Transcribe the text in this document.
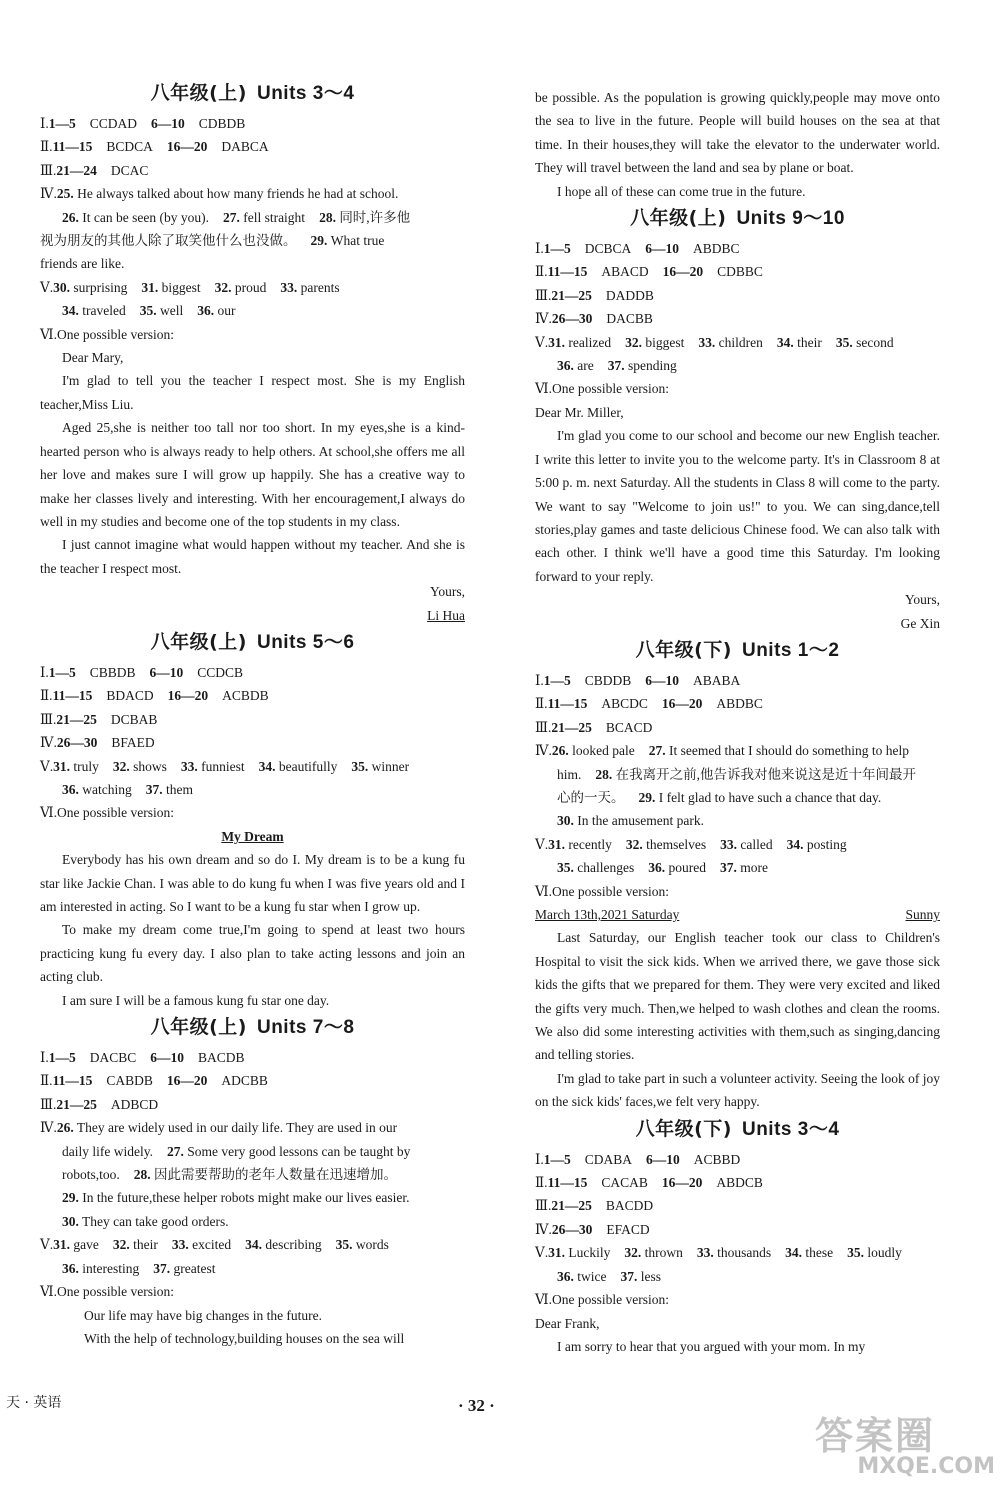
八年级(上) Units 3～4
Ⅰ.1—5 CCDAD 6—10 CDBDB
Ⅱ.11—15 BCDCA 16—20 DABCA
Ⅲ.21—24 DCAC
Ⅳ.25. He always talked about how many friends he had at school.
26. It can be seen (by you). 27. fell straight 28. 同时,许多他
视为朋友的其他人除了取笑他什么也没做。 29. What true
friends are like.
Ⅴ.30. surprising 31. biggest 32. proud 33. parents
34. traveled 35. well 36. our
Ⅵ.One possible version:
Dear Mary,
I'm glad to tell you the teacher I respect most. She is my English teacher,Miss Liu.
Aged 25,she is neither too tall nor too short. In my eyes,she is a kind-hearted person who is always ready to help others. At school,she offers me all her love and makes sure I will grow up happily. She has a creative way to make her classes lively and interesting. With her encouragement,I always do well in my studies and become one of the top students in my class.
I just cannot imagine what would happen without my teacher. And she is the teacher I respect most.
Yours,
Li Hua
八年级(上) Units 5～6
Ⅰ.1—5 CBBDB 6—10 CCDCB
Ⅱ.11—15 BDACD 16—20 ACBDB
Ⅲ.21—25 DCBAB
Ⅳ.26—30 BFAED
Ⅴ.31. truly 32. shows 33. funniest 34. beautifully 35. winner
36. watching 37. them
Ⅵ.One possible version:
My Dream
Everybody has his own dream and so do I. My dream is to be a kung fu star like Jackie Chan. I was able to do kung fu when I was five years old and I am interested in acting. So I want to be a kung fu star when I grow up.
To make my dream come true,I'm going to spend at least two hours practicing kung fu every day. I also plan to take acting lessons and join an acting club.
I am sure I will be a famous kung fu star one day.
八年级(上) Units 7～8
Ⅰ.1—5 DACBC 6—10 BACDB
Ⅱ.11—15 CABDB 16—20 ADCBB
Ⅲ.21—25 ADBCD
Ⅳ.26. They are widely used in our daily life. They are used in our
daily life widely. 27. Some very good lessons can be taught by
robots,too. 28. 因此需要帮助的老年人数量在迅速增加。
29. In the future,these helper robots might make our lives easier.
30. They can take good orders.
Ⅴ.31. gave 32. their 33. excited 34. describing 35. words
36. interesting 37. greatest
Ⅵ.One possible version:
Our life may have big changes in the future.
With the help of technology,building houses on the sea will
be possible. As the population is growing quickly,people may move onto the sea to live in the future. People will build houses on the sea at that time. In their houses,they will take the elevator to the underwater world. They will travel between the land and sea by plane or boat.
I hope all of these can come true in the future.
八年级(上) Units 9～10
Ⅰ.1—5 DCBCA 6—10 ABDBC
Ⅱ.11—15 ABACD 16—20 CDBBC
Ⅲ.21—25 DADDB
Ⅳ.26—30 DACBB
Ⅴ.31. realized 32. biggest 33. children 34. their 35. second
36. are 37. spending
Ⅵ.One possible version:
Dear Mr. Miller,
I'm glad you come to our school and become our new English teacher. I write this letter to invite you to the welcome party. It's in Classroom 8 at 5:00 p. m. next Saturday. All the students in Class 8 will come to the party. We want to say "Welcome to join us!" to you. We can sing,dance,tell stories,play games and taste delicious Chinese food. We can also talk with each other. I think we'll have a good time this Saturday. I'm looking forward to your reply.
Yours,
Ge Xin
八年级(下) Units 1～2
Ⅰ.1—5 CBDDB 6—10 ABABA
Ⅱ.11—15 ABCDC 16—20 ABDBC
Ⅲ.21—25 BCACD
Ⅳ.26. looked pale 27. It seemed that I should do something to help
him. 28. 在我离开之前,他告诉我对他来说这是近十年间最开
心的一天。 29. I felt glad to have such a chance that day.
30. In the amusement park.
Ⅴ.31. recently 32. themselves 33. called 34. posting
35. challenges 36. poured 37. more
Ⅵ.One possible version:
March 13th,2021 Saturday	Sunny
Last Saturday, our English teacher took our class to Children's Hospital to visit the sick kids. When we arrived there, we gave those sick kids the gifts that we prepared for them. They were very excited and liked the gifts very much. Then,we helped to wash clothes and clean the rooms. We also did some interesting activities with them,such as singing,dancing and telling stories.
I'm glad to take part in such a volunteer activity. Seeing the look of joy on the sick kids' faces,we felt very happy.
八年级(下) Units 3～4
Ⅰ.1—5 CDABA 6—10 ACBBD
Ⅱ.11—15 CACAB 16—20 ABDCB
Ⅲ.21—25 BACDD
Ⅳ.26—30 EFACD
Ⅴ.31. Luckily 32. thrown 33. thousands 34. these 35. loudly
36. twice 37. less
Ⅵ.One possible version:
Dear Frank,
I am sorry to hear that you argued with your mom. In my
天 · 英语	· 32 ·
答案圈
MXQE.COM
